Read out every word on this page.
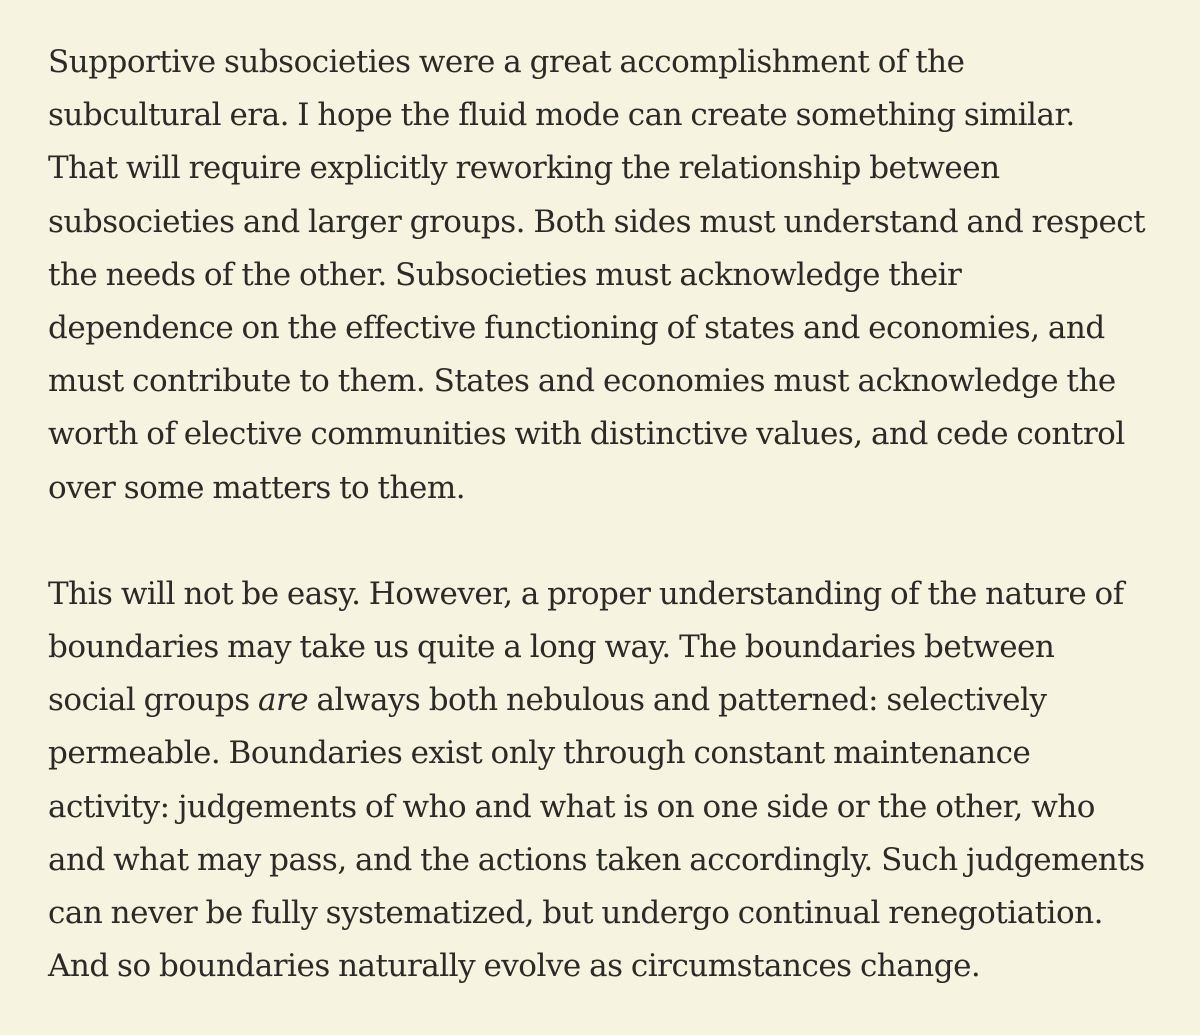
Supportive subsocieties were a great accomplishment of the
subcultural era. I hope the fluid mode can create something similar.
That will require explicitly reworking the relationship between
subsocieties and larger groups. Both sides must understand and respect
the needs of the other. Subsocieties must acknowledge their
dependence on the effective functioning of states and economies, and
must contribute to them. States and economies must acknowledge the
worth of elective communities with distinctive values, and cede control
over some matters to them.

This will not be easy. However, a proper understanding of the nature of
boundaries may take us quite a long way. The boundaries between
social groups are always both nebulous and patterned: selectively
permeable. Boundaries exist only through constant maintenance
activity: judgements of who and what is on one side or the other, who
and what may pass, and the actions taken accordingly. Such judgements
can never be fully systematized, but undergo continual renegotiation.
And so boundaries naturally evolve as circumstances change.
